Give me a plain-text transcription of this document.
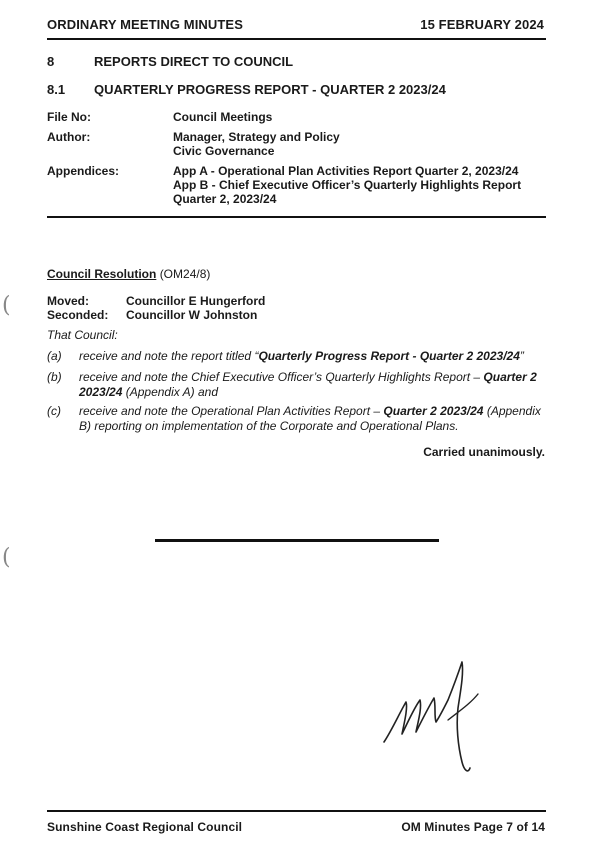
ORDINARY MEETING MINUTES	15 FEBRUARY 2024
8	REPORTS DIRECT TO COUNCIL
8.1 QUARTERLY PROGRESS REPORT - QUARTER 2 2023/24
File No:	Council Meetings
Author:	Manager, Strategy and Policy
Civic Governance
Appendices:	App A - Operational Plan Activities Report Quarter 2, 2023/24
App B - Chief Executive Officer’s Quarterly Highlights Report
Quarter 2, 2023/24
Council Resolution (OM24/8)
Moved:	Councillor E Hungerford
Seconded: Councillor W Johnston
That Council:
(a) receive and note the report titled “Quarterly Progress Report - Quarter 2 2023/24”
(b) receive and note the Chief Executive Officer’s Quarterly Highlights Report – Quarter 2
2023/24 (Appendix A) and
(c) receive and note the Operational Plan Activities Report – Quarter 2 2023/24 (Appendix
B) reporting on implementation of the Corporate and Operational Plans.
Carried unanimously.
(
(
Sunshine Coast Regional Council	OM Minutes Page 7 of 14
